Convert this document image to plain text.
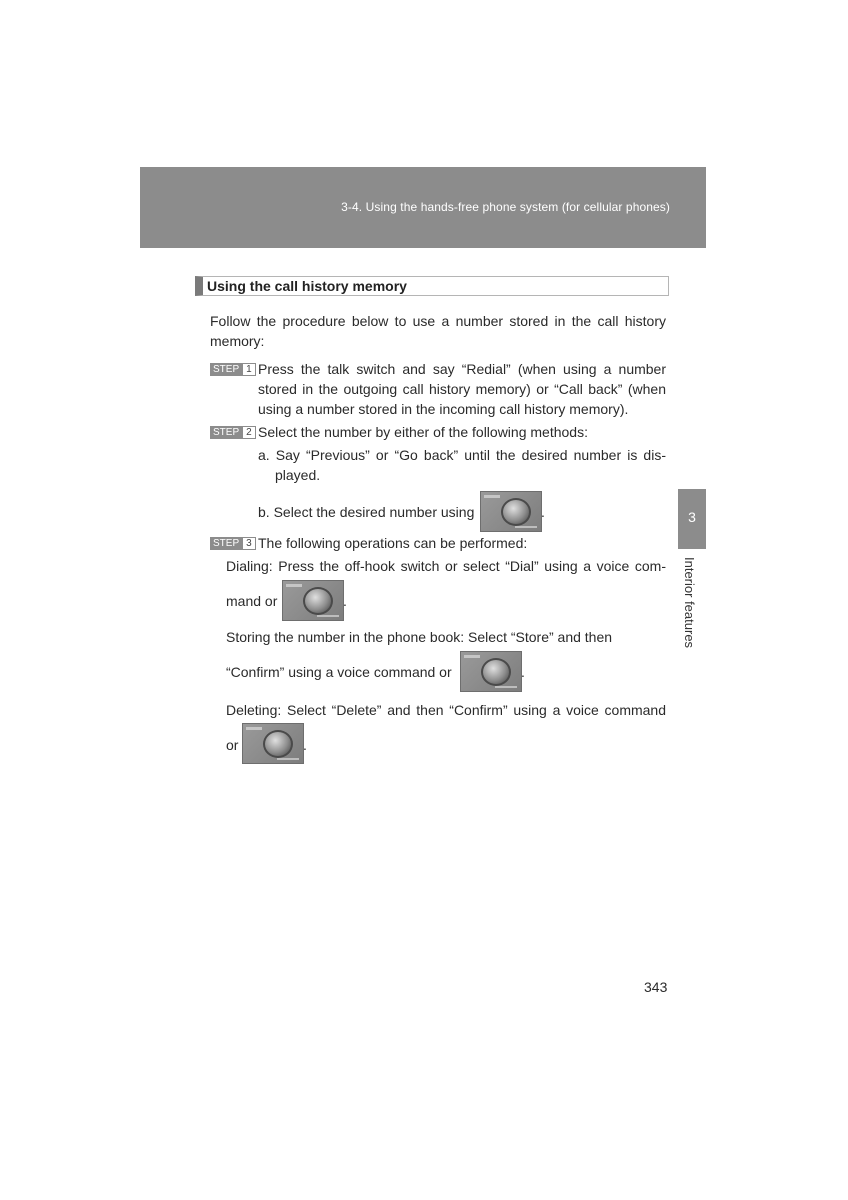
3-4. Using the hands-free phone system (for cellular phones)
Using the call history memory
Follow the procedure below to use a number stored in the call history
memory:
STEP 1 Press the talk switch and say “Redial” (when using a number
stored in the outgoing call history memory) or “Call back” (when
using a number stored in the incoming call history memory).
STEP 2 Select the number by either of the following methods:
a. Say “Previous” or “Go back” until the desired number is dis-
played.
b. Select the desired number using	.
STEP 3 The following operations can be performed:
Dialing: Press the off-hook switch or select “Dial” using a voice com-
mand or	.
Storing the number in the phone book: Select “Store” and then
“Confirm” using a voice command or	.
Deleting: Select “Delete” and then “Confirm” using a voice command
or	.
3
Interior features
343
